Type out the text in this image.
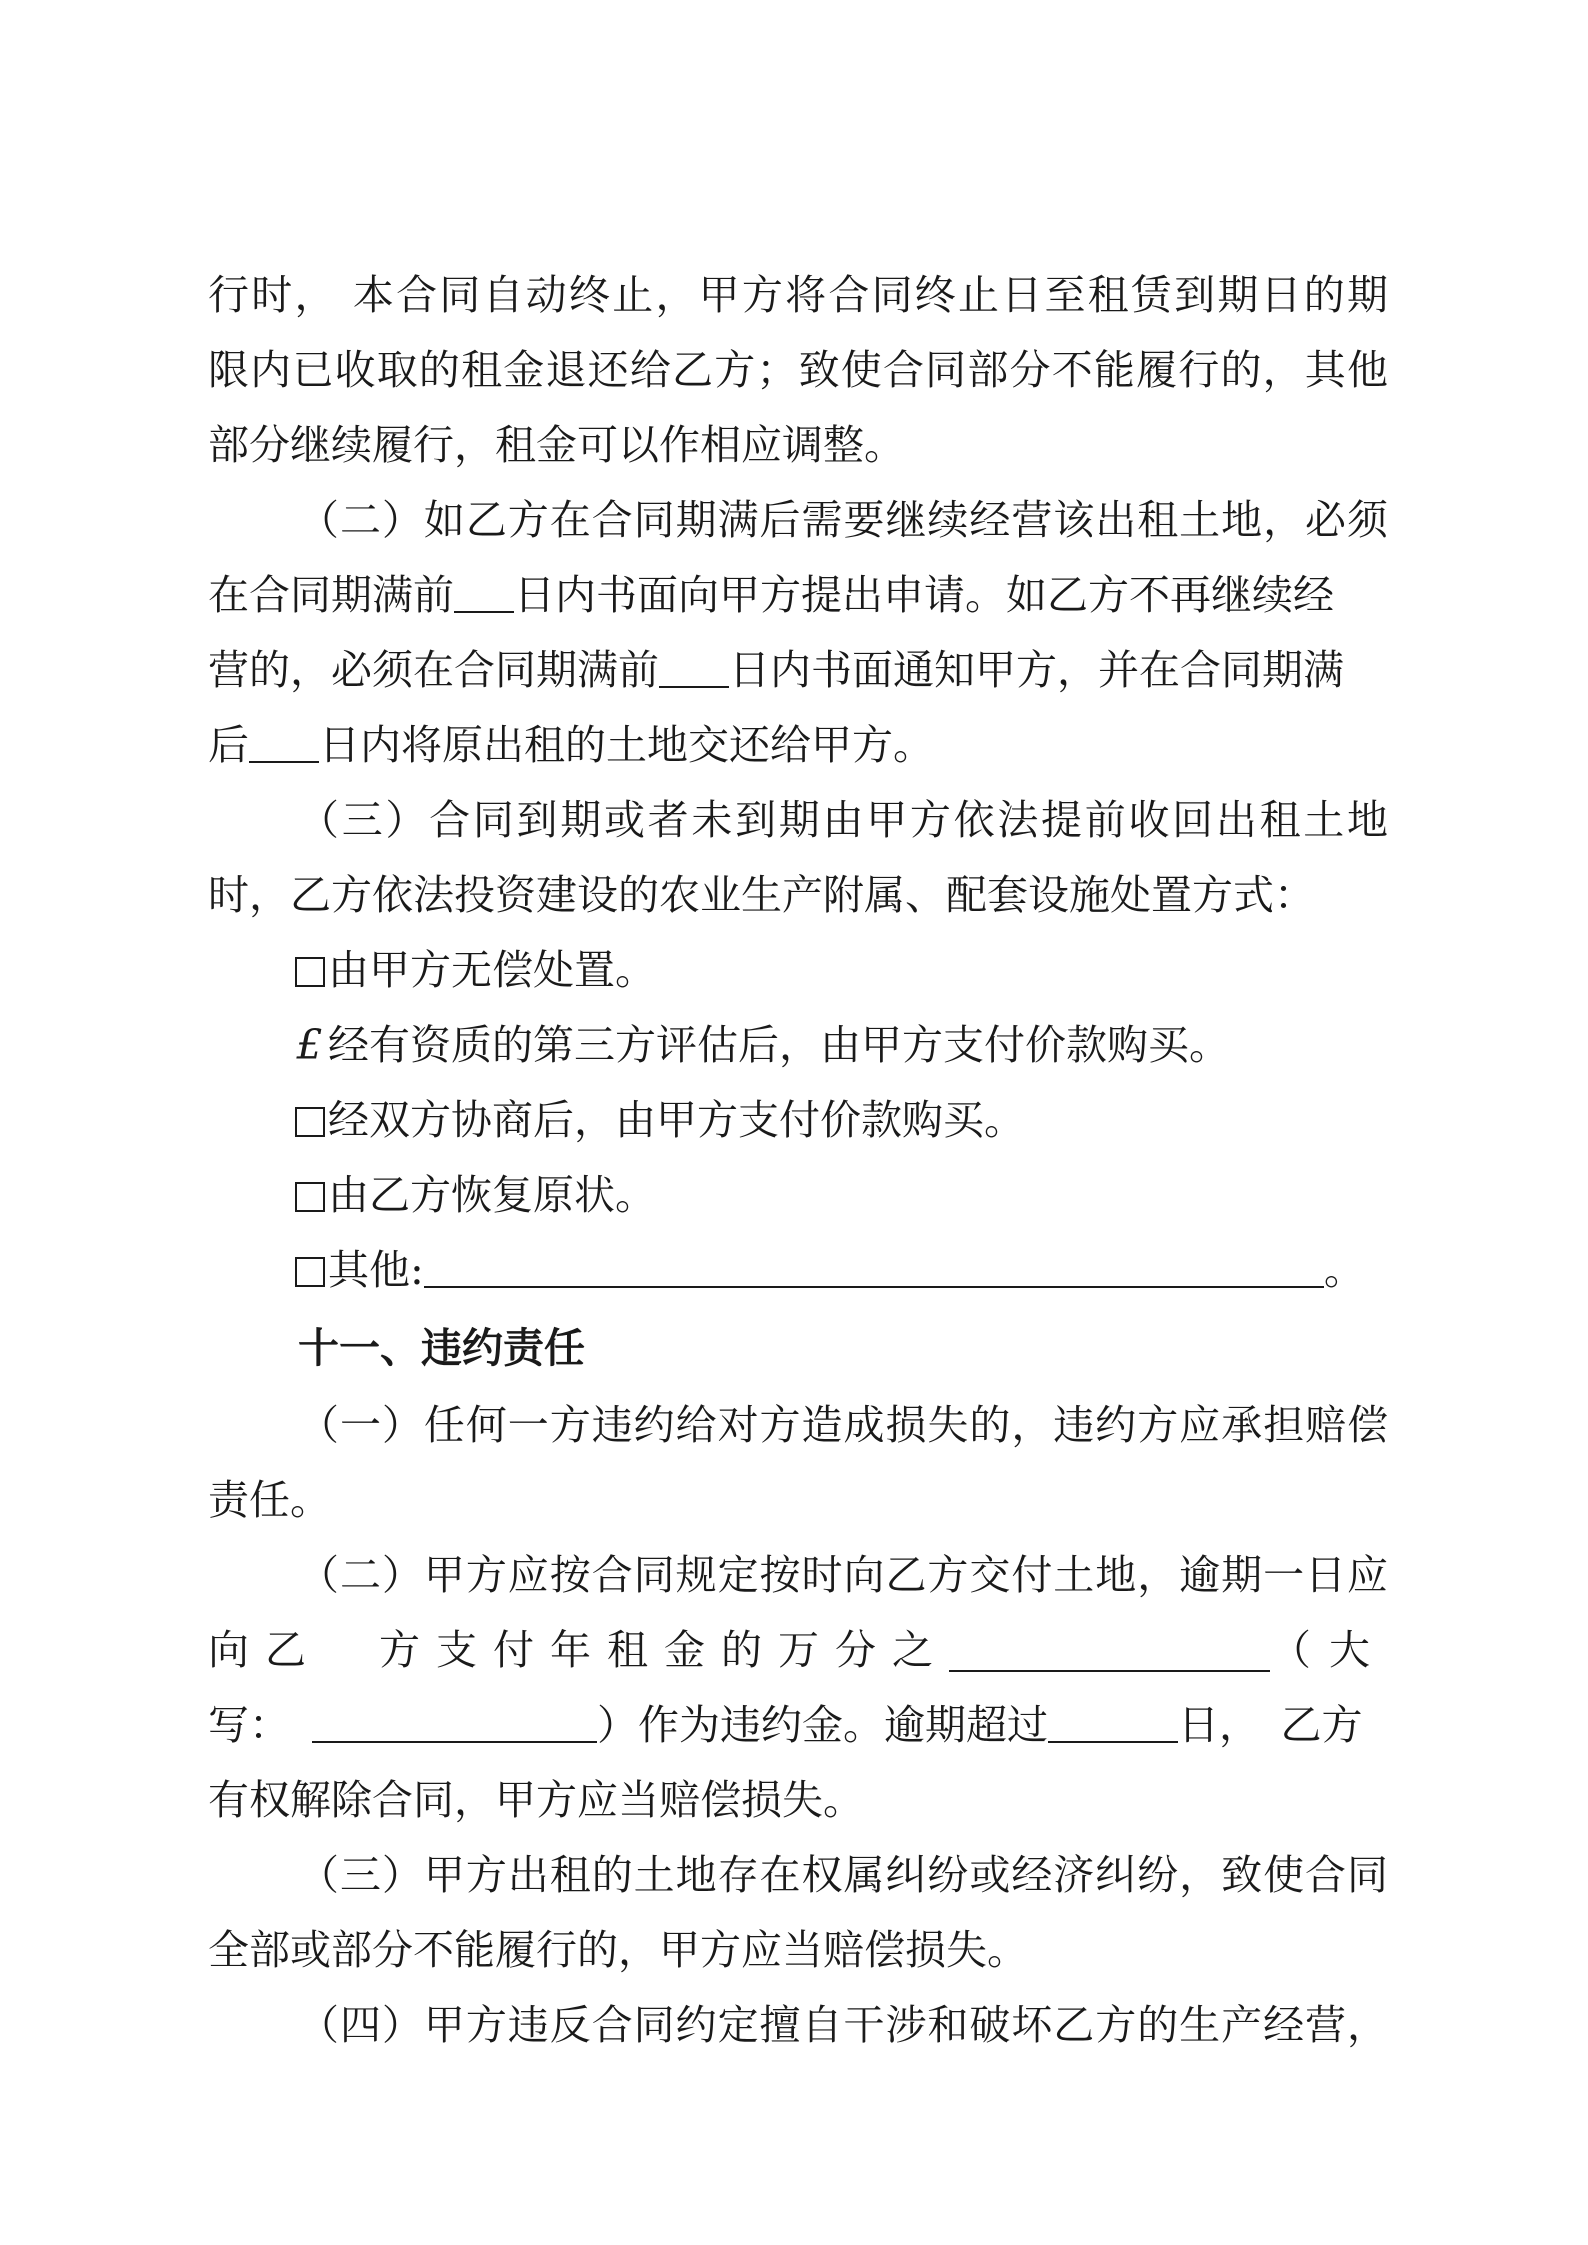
行时， 本合同自动终止，甲方将合同终止日至租赁到期日的期
限内已收取的租金退还给乙方；致使合同部分不能履行的，其他
部分继续履行，租金可以作相应调整。
（二）如乙方在合同期满后需要继续经营该出租土地，必须
在合同期满前 日内书面向甲方提出申请。如乙方不再继续经
营的，必须在合同期满前 日内书面通知甲方，并在合同期满
后 日内将原出租的土地交还给甲方。
（三）合同到期或者未到期由甲方依法提前收回出租土地
时，乙方依法投资建设的农业生产附属、配套设施处置方式：
由甲方无偿处置。
£ 经有资质的第三方评估后，由甲方支付价款购买。
经双方协商后，由甲方支付价款购买。
由乙方恢复原状。
其他:	。
十一、违约责任
（一）任何一方违约给对方造成损失的，违约方应承担赔偿
责任。
（二）甲方应按合同规定按时向乙方交付土地，逾期一日应
向乙　方支付年租金的万分之	（大
写：	）作为违约金。逾期超过	日，　乙方
有权解除合同，甲方应当赔偿损失。
（三）甲方出租的土地存在权属纠纷或经济纠纷，致使合同
全部或部分不能履行的，甲方应当赔偿损失。
（四）甲方违反合同约定擅自干涉和破坏乙方的生产经营，
